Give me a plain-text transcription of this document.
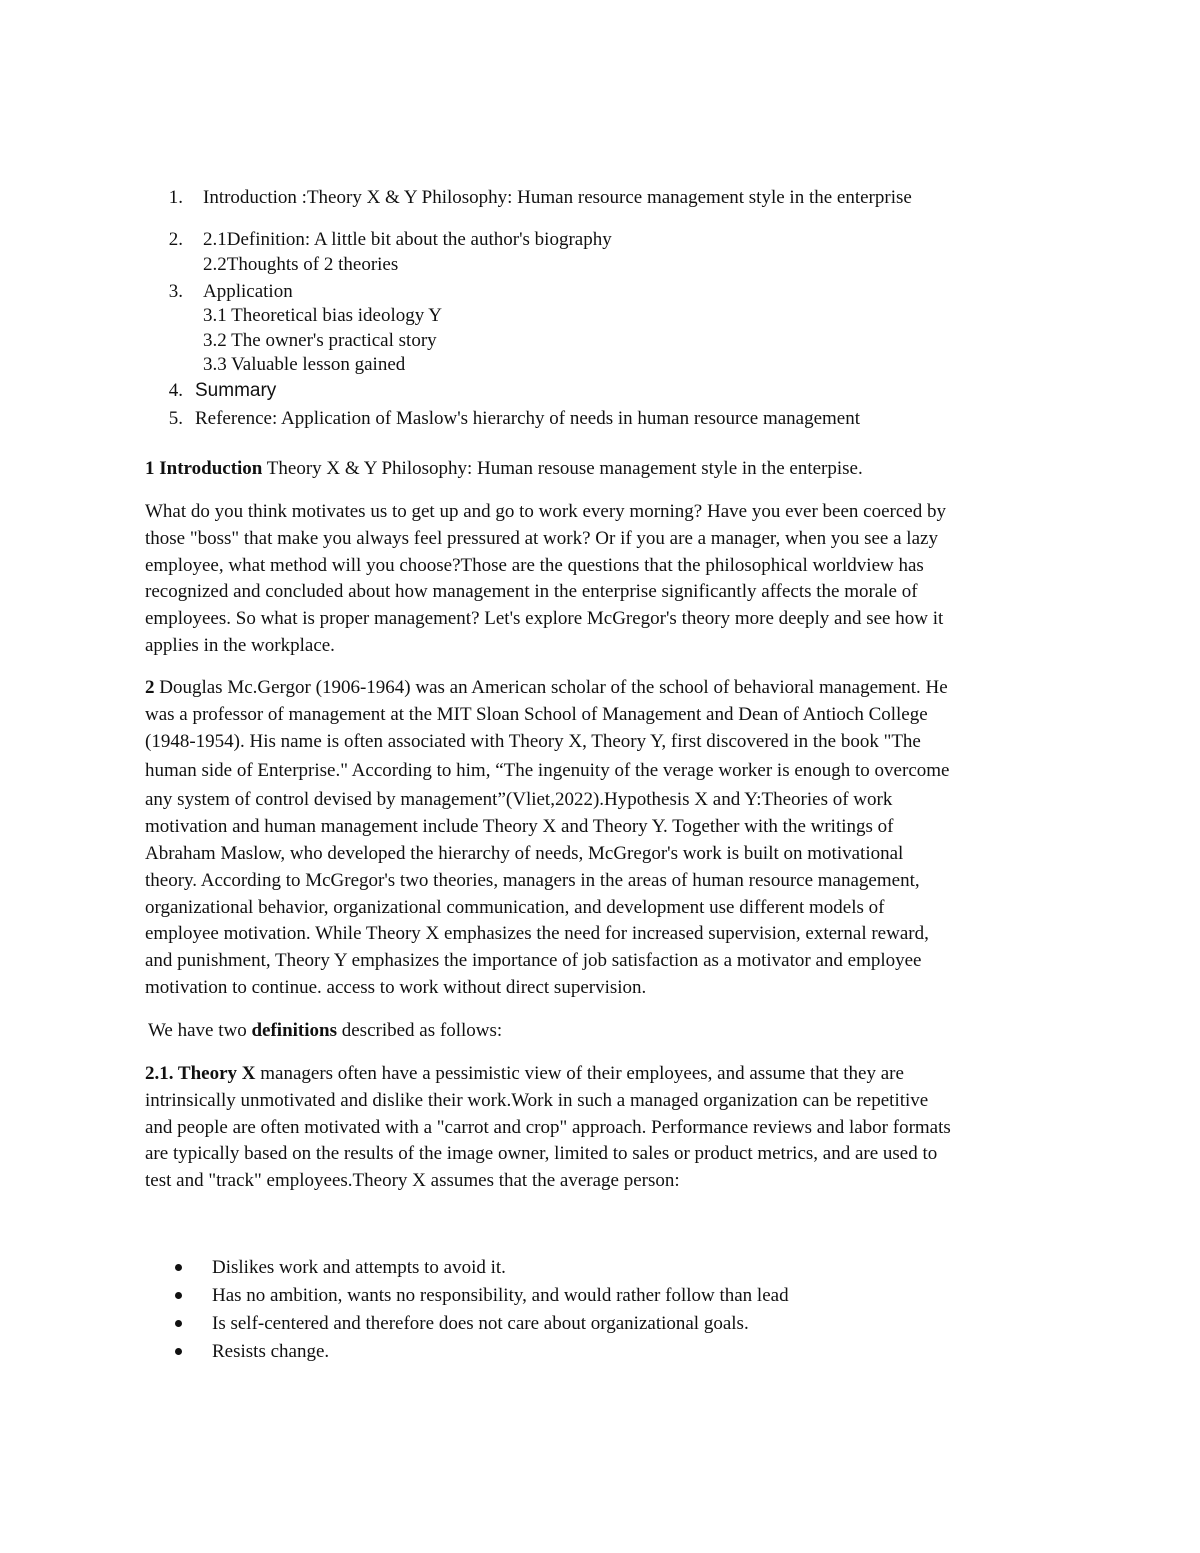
1. Introduction :Theory X & Y Philosophy: Human resource management style in the enterprise
2. 2.1Definition: A little bit about the author's biography
2.2Thoughts of 2 theories
3. Application
3.1 Theoretical bias ideology Y
3.2 The owner's practical story
3.3 Valuable lesson gained
4. Summary
5. Reference: Application of Maslow's hierarchy of needs in human resource management
1 Introduction Theory X & Y Philosophy: Human resouse management style in the enterpise.
What do you think motivates us to get up and go to work every morning? Have you ever been coerced by
those "boss" that make you always feel pressured at work? Or if you are a manager, when you see a lazy
employee, what method will you choose?Those are the questions that the philosophical worldview has
recognized and concluded about how management in the enterprise significantly affects the morale of
employees. So what is proper management? Let's explore McGregor's theory more deeply and see how it
applies in the workplace.
2 Douglas Mc.Gergor (1906-1964) was an American scholar of the school of behavioral management. He
was a professor of management at the MIT Sloan School of Management and Dean of Antioch College
(1948-1954). His name is often associated with Theory X, Theory Y, first discovered in the book "The
human side of Enterprise." According to him, “The ingenuity of the verage worker is enough to overcome
any system of control devised by management”(Vliet,2022).Hypothesis X and Y:Theories of work
motivation and human management include Theory X and Theory Y. Together with the writings of
Abraham Maslow, who developed the hierarchy of needs, McGregor's work is built on motivational
theory. According to McGregor's two theories, managers in the areas of human resource management,
organizational behavior, organizational communication, and development use different models of
employee motivation. While Theory X emphasizes the need for increased supervision, external reward,
and punishment, Theory Y emphasizes the importance of job satisfaction as a motivator and employee
motivation to continue. access to work without direct supervision.
We have two definitions described as follows:
2.1. Theory X managers often have a pessimistic view of their employees, and assume that they are
intrinsically unmotivated and dislike their work.Work in such a managed organization can be repetitive
and people are often motivated with a "carrot and crop" approach. Performance reviews and labor formats
are typically based on the results of the image owner, limited to sales or product metrics, and are used to
test and "track" employees.Theory X assumes that the average person:
Dislikes work and attempts to avoid it.
Has no ambition, wants no responsibility, and would rather follow than lead
Is self-centered and therefore does not care about organizational goals.
Resists change.
